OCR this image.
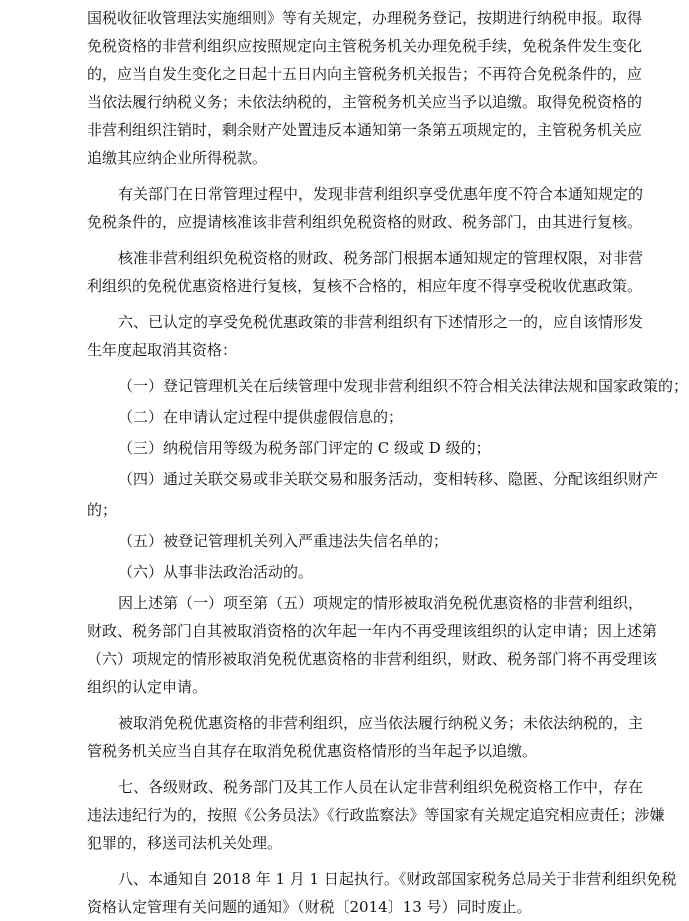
国税收征收管理法实施细则》等有关规定，办理税务登记，按期进行纳税申报。取得
免税资格的非营利组织应按照规定向主管税务机关办理免税手续，免税条件发生变化
的，应当自发生变化之日起十五日内向主管税务机关报告；不再符合免税条件的，应
当依法履行纳税义务；未依法纳税的，主管税务机关应当予以追缴。取得免税资格的
非营利组织注销时，剩余财产处置违反本通知第一条第五项规定的，主管税务机关应
追缴其应纳企业所得税款。
有关部门在日常管理过程中，发现非营利组织享受优惠年度不符合本通知规定的
免税条件的，应提请核准该非营利组织免税资格的财政、税务部门，由其进行复核。
核准非营利组织免税资格的财政、税务部门根据本通知规定的管理权限，对非营
利组织的免税优惠资格进行复核，复核不合格的，相应年度不得享受税收优惠政策。
六、已认定的享受免税优惠政策的非营利组织有下述情形之一的，应自该情形发
生年度起取消其资格：
（一）登记管理机关在后续管理中发现非营利组织不符合相关法律法规和国家政策的；
（二）在申请认定过程中提供虚假信息的；
（三）纳税信用等级为税务部门评定的 C 级或 D 级的；
（四）通过关联交易或非关联交易和服务活动，变相转移、隐匿、分配该组织财产
的；
（五）被登记管理机关列入严重违法失信名单的；
（六）从事非法政治活动的。
因上述第（一）项至第（五）项规定的情形被取消免税优惠资格的非营利组织，
财政、税务部门自其被取消资格的次年起一年内不再受理该组织的认定申请；因上述第
（六）项规定的情形被取消免税优惠资格的非营利组织，财政、税务部门将不再受理该
组织的认定申请。
被取消免税优惠资格的非营利组织，应当依法履行纳税义务；未依法纳税的，主
管税务机关应当自其存在取消免税优惠资格情形的当年起予以追缴。
七、各级财政、税务部门及其工作人员在认定非营利组织免税资格工作中，存在
违法违纪行为的，按照《公务员法》《行政监察法》等国家有关规定追究相应责任；涉嫌
犯罪的，移送司法机关处理。
八、本通知自 2018 年 1 月 1 日起执行。《财政部国家税务总局关于非营利组织免税
资格认定管理有关问题的通知》（财税〔2014〕13 号）同时废止。
